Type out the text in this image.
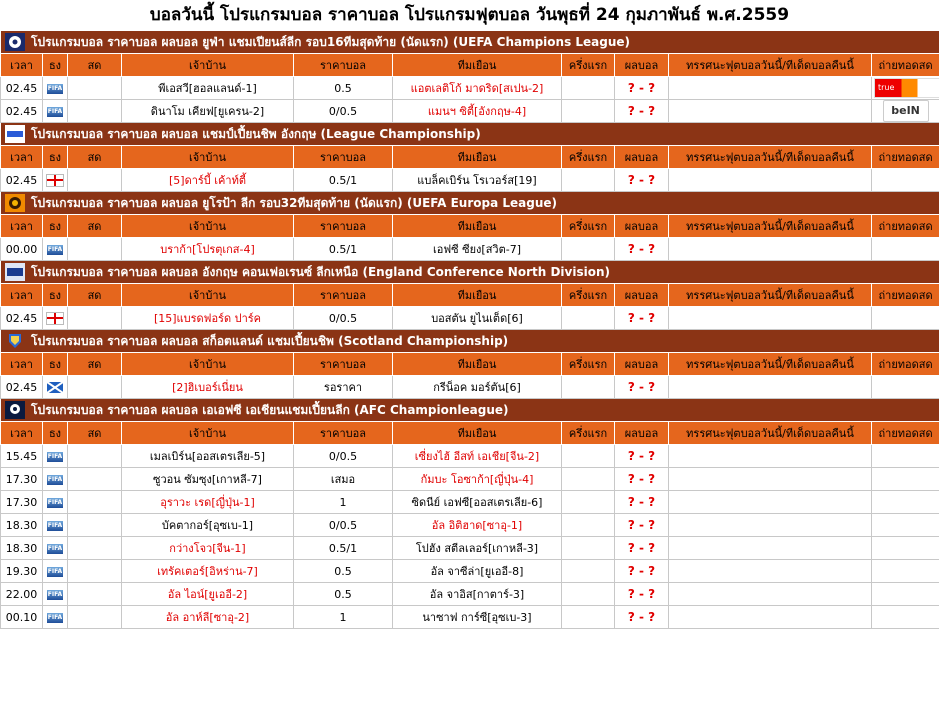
บอลวันนี้ โปรแกรมบอล ราคาบอล โปรแกรมฟุตบอล วันพุธที่ 24 กุมภาพันธ์ พ.ศ.2559
โปรแกรมบอล ราคาบอล ผลบอล ยูฟ่า แชมเปียนส์ลีก รอบ16ทีมสุดท้าย (นัดแรก) (UEFA Champions League)									
เวลา	ธง	สด	เจ้าบ้าน	ราคาบอล	ทีมเยือน	ครึ่งแรก	ผลบอล	ทรรศนะฟุตบอลวันนี้/ทีเด็ดบอลคืนนี้	ถ่ายทอดสด
02.45	FIFA		พีเอสวี[ฮอลแลนด์-1]	0.5	แอตเลติโก้ มาดริด[สเปน-2]		? - ?		true
02.45	FIFA		ดินาโม เคียฟ[ยูเครน-2]	0/0.5	แมนฯ ซิตี้[อังกฤษ-4]		? - ?		beIN
โปรแกรมบอล ราคาบอล ผลบอล แชมป์เปี้ยนชิพ อังกฤษ (League Championship)									
เวลา	ธง	สด	เจ้าบ้าน	ราคาบอล	ทีมเยือน	ครึ่งแรก	ผลบอล	ทรรศนะฟุตบอลวันนี้/ทีเด็ดบอลคืนนี้	ถ่ายทอดสด
02.45			[5]ดาร์บี้ เค้าท์ตี้	0.5/1	แบล็คเบิร์น โรเวอร์ส[19]		? - ?		
โปรแกรมบอล ราคาบอล ผลบอล ยูโรป้า ลีก รอบ32ทีมสุดท้าย (นัดแรก) (UEFA Europa League)									
เวลา	ธง	สด	เจ้าบ้าน	ราคาบอล	ทีมเยือน	ครึ่งแรก	ผลบอล	ทรรศนะฟุตบอลวันนี้/ทีเด็ดบอลคืนนี้	ถ่ายทอดสด
00.00	FIFA		บราก้า[โปรตุเกส-4]	0.5/1	เอฟซี ซียง[สวิต-7]		? - ?		
โปรแกรมบอล ราคาบอล ผลบอล อังกฤษ คอนเฟอเรนซ์ ลีกเหนือ (England Conference North Division)									
เวลา	ธง	สด	เจ้าบ้าน	ราคาบอล	ทีมเยือน	ครึ่งแรก	ผลบอล	ทรรศนะฟุตบอลวันนี้/ทีเด็ดบอลคืนนี้	ถ่ายทอดสด
02.45			[15]แบรดฟอร์ด ปาร์ค	0/0.5	บอสตัน ยูไนเต็ด[6]		? - ?		
โปรแกรมบอล ราคาบอล ผลบอล สก็อตแลนด์ แชมเปี้ยนชิพ (Scotland Championship)									
เวลา	ธง	สด	เจ้าบ้าน	ราคาบอล	ทีมเยือน	ครึ่งแรก	ผลบอล	ทรรศนะฟุตบอลวันนี้/ทีเด็ดบอลคืนนี้	ถ่ายทอดสด
02.45			[2]ฮิเบอร์เนี่ยน	รอราคา	กรีน็อค มอร์ตัน[6]		? - ?		
โปรแกรมบอล ราคาบอล ผลบอล เอเอฟซี เอเชียนแชมเปี้ยนลีก (AFC Championleague)									
เวลา	ธง	สด	เจ้าบ้าน	ราคาบอล	ทีมเยือน	ครึ่งแรก	ผลบอล	ทรรศนะฟุตบอลวันนี้/ทีเด็ดบอลคืนนี้	ถ่ายทอดสด
15.45	FIFA		เมลเบิร์น[ออสเตรเลีย-5]	0/0.5	เซี่ยงไฮ้ อีสท์ เอเชีย[จีน-2]		? - ?		
17.30	FIFA		ซูวอน ซัมซุง[เกาหลี-7]	เสมอ	กัมบะ โอซาก้า[ญี่ปุ่น-4]		? - ?		
17.30	FIFA		อุราวะ เรด[ญี่ปุ่น-1]	1	ซิดนีย์ เอฟซี[ออสเตรเลีย-6]		? - ?		
18.30	FIFA		บัคตากอร์[อุซเบ-1]	0/0.5	อัล อิติฮาด[ซาอุ-1]		? - ?		
18.30	FIFA		กว่างโจว[จีน-1]	0.5/1	โปฮัง สตีลเลอร์[เกาหลี-3]		? - ?		
19.30	FIFA		เทรัคเตอร์[อิหร่าน-7]	0.5	อัล จาซีล่า[ยูเออี-8]		? - ?		
22.00	FIFA		อัล ไอน์[ยูเออี-2]	0.5	อัล จาอิส[กาตาร์-3]		? - ?		
00.10	FIFA		อัล อาห์ลี[ซาอุ-2]	1	นาซาฟ การ์ซี[อุซเบ-3]		? - ?		
